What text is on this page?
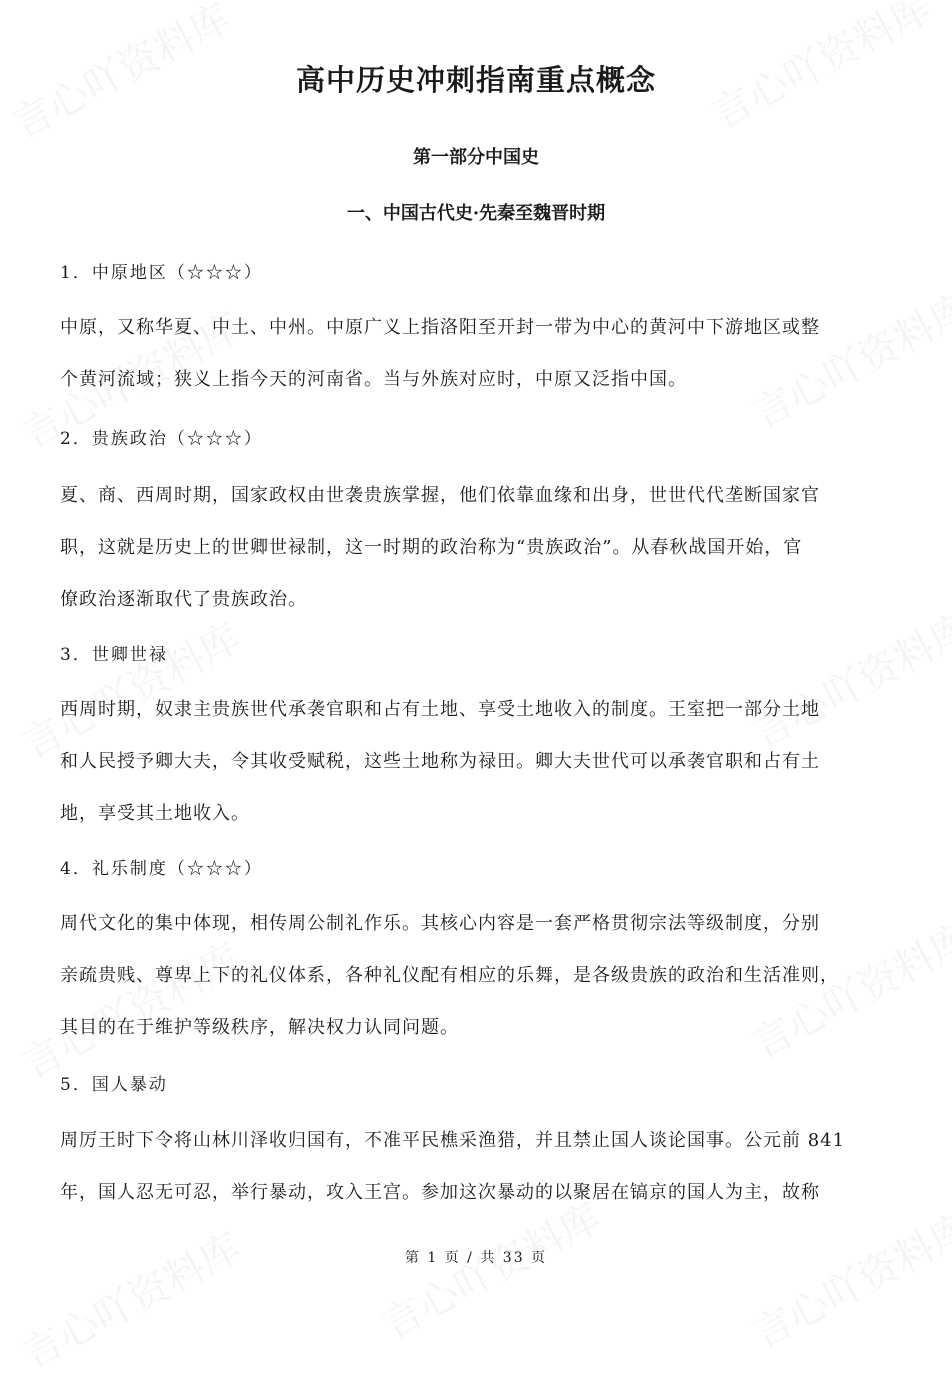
高中历史冲刺指南重点概念
第一部分中国史
一、中国古代史·先秦至魏晋时期
1．中原地区（☆☆☆）
中原，又称华夏、中土、中州。中原广义上指洛阳至开封一带为中心的黄河中下游地区或整
个黄河流域；狭义上指今天的河南省。当与外族对应时，中原又泛指中国。
2．贵族政治（☆☆☆）
夏、商、西周时期，国家政权由世袭贵族掌握，他们依靠血缘和出身，世世代代垄断国家官
职，这就是历史上的世卿世禄制，这一时期的政治称为“贵族政治”。从春秋战国开始，官
僚政治逐渐取代了贵族政治。
3．世卿世禄
西周时期，奴隶主贵族世代承袭官职和占有土地、享受土地收入的制度。王室把一部分土地
和人民授予卿大夫，令其收受赋税，这些土地称为禄田。卿大夫世代可以承袭官职和占有土
地，享受其土地收入。
4．礼乐制度（☆☆☆）
周代文化的集中体现，相传周公制礼作乐。其核心内容是一套严格贯彻宗法等级制度，分别
亲疏贵贱、尊卑上下的礼仪体系，各种礼仪配有相应的乐舞，是各级贵族的政治和生活准则，
其目的在于维护等级秩序，解决权力认同问题。
5．国人暴动
周厉王时下令将山林川泽收归国有，不准平民樵采渔猎，并且禁止国人谈论国事。公元前 841
年，国人忍无可忍，举行暴动，攻入王宫。参加这次暴动的以聚居在镐京的国人为主，故称
第 1 页 / 共 33 页
